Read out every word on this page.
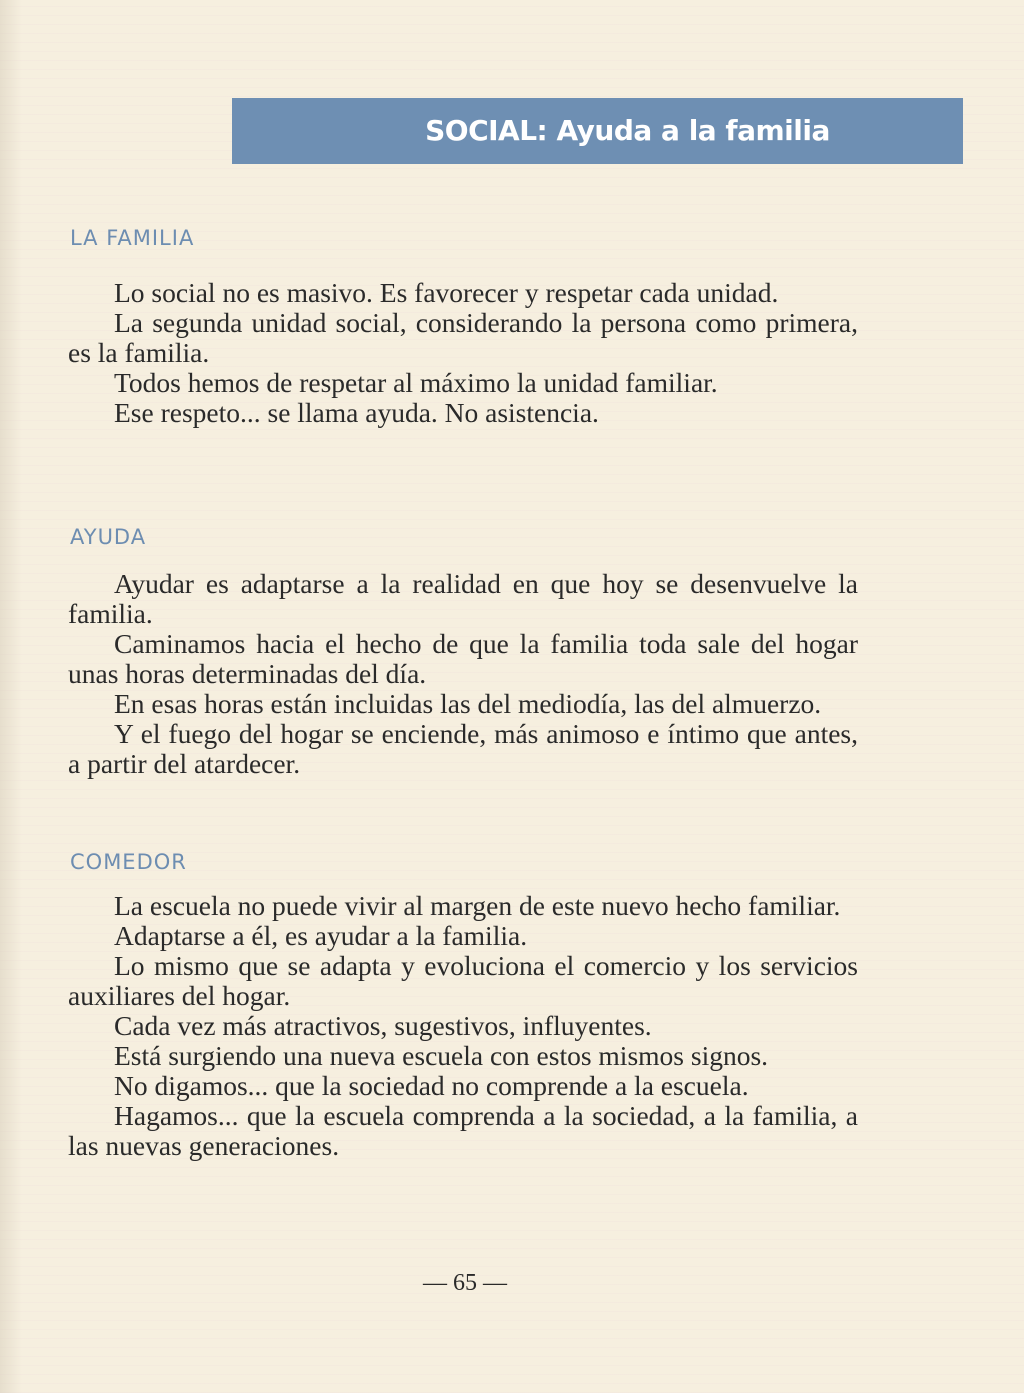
SOCIAL: Ayuda a la familia
LA FAMILIA

Lo social no es masivo. Es favorecer y respetar cada unidad.

La segunda unidad social, considerando la persona como primera, es la familia.

Todos hemos de respetar al máximo la unidad familiar.

Ese respeto... se llama ayuda. No asistencia.

AYUDA

Ayudar es adaptarse a la realidad en que hoy se desenvuelve la familia.

Caminamos hacia el hecho de que la familia toda sale del hogar unas horas determinadas del día.

En esas horas están incluidas las del mediodía, las del almuerzo.

Y el fuego del hogar se enciende, más animoso e íntimo que antes, a partir del atardecer.

COMEDOR

La escuela no puede vivir al margen de este nuevo hecho familiar.

Adaptarse a él, es ayudar a la familia.

Lo mismo que se adapta y evoluciona el comercio y los servicios auxiliares del hogar.

Cada vez más atractivos, sugestivos, influyentes.

Está surgiendo una nueva escuela con estos mismos signos.

No digamos... que la sociedad no comprende a la escuela.

Hagamos... que la escuela comprenda a la sociedad, a la familia, a las nuevas generaciones.

— 65 —
